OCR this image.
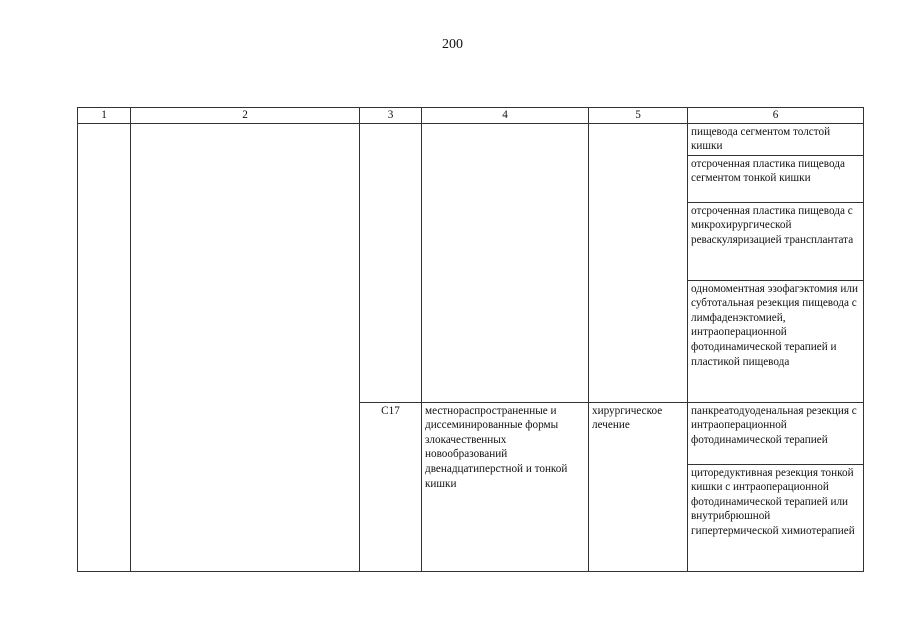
200
1	2	3	4	5	6
					пищевода сегментом толстой кишки
					отсроченная пластика пищевода сегментом тонкой кишки
					отсроченная пластика пищевода с микрохирургической реваскуляризацией трансплантата
					одномоментная эзофагэктомия или субтотальная резекция пищевода с лимфаденэктомией, интраоперационной фотодинамической терапией и пластикой пищевода
		C17	местнораспространенные и диссеминированные формы злокачественных новообразований двенадцатиперстной и тонкой кишки	хирургическое лечение	панкреатодуоденальная резекция с интраоперационной фотодинамической терапией
					циторедуктивная резекция тонкой кишки с интраоперационной фотодинамической терапией или внутрибрюшной гипертермической химиотерапией
